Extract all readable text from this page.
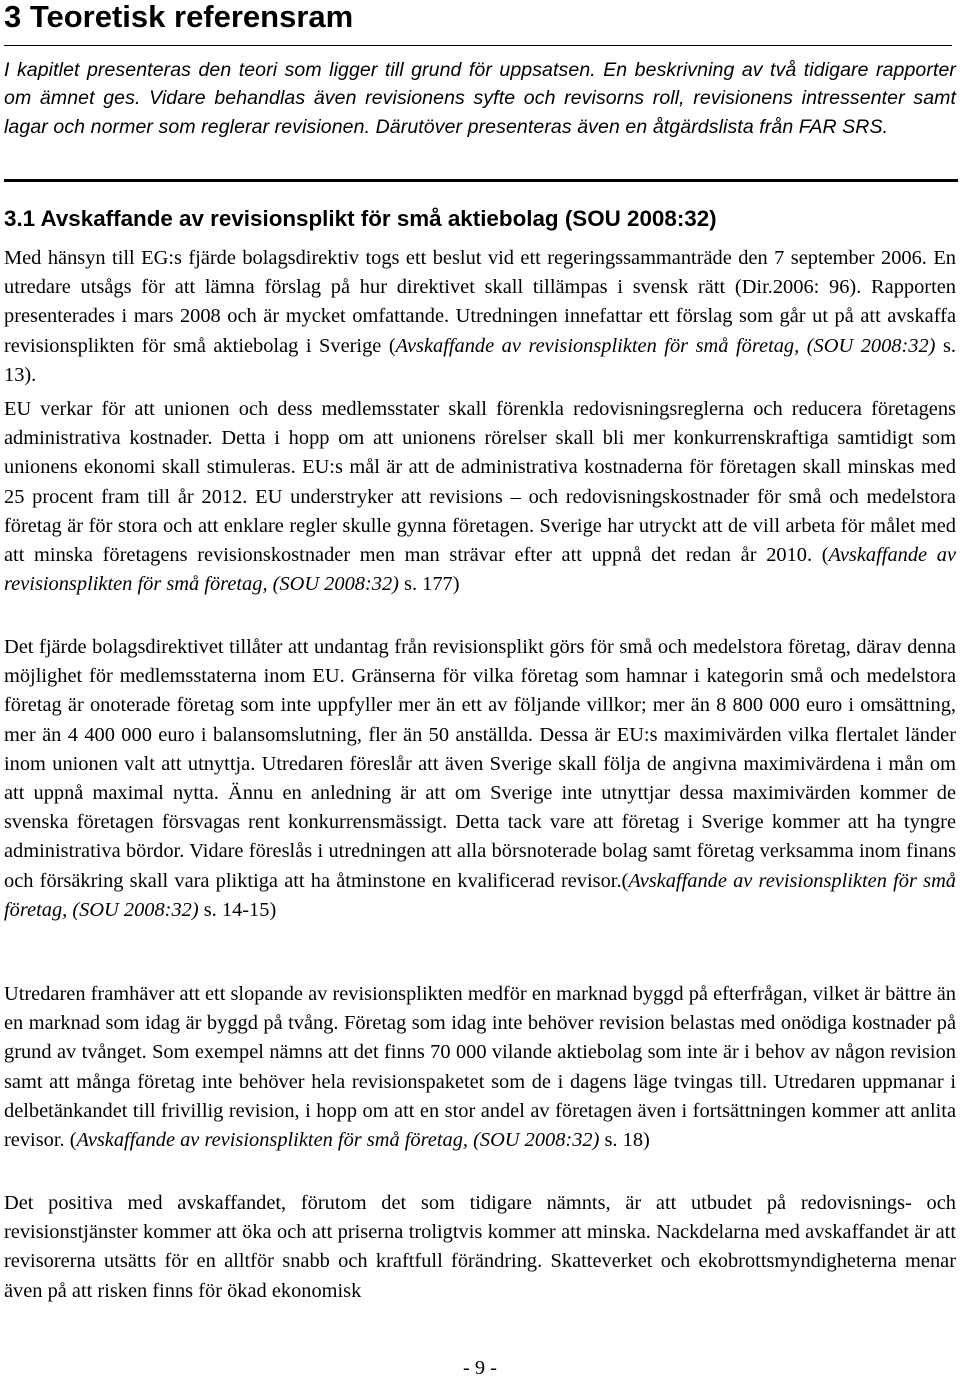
3 Teoretisk referensram

I kapitlet presenteras den teori som ligger till grund för uppsatsen. En beskrivning av två tidigare rapporter om ämnet ges. Vidare behandlas även revisionens syfte och revisorns roll, revisionens intressenter samt lagar och normer som reglerar revisionen. Därutöver presenteras även en åtgärdslista från FAR SRS.

3.1 Avskaffande av revisionsplikt för små aktiebolag (SOU 2008:32)

Med hänsyn till EG:s fjärde bolagsdirektiv togs ett beslut vid ett regeringssammanträde den 7 september 2006. En utredare utsågs för att lämna förslag på hur direktivet skall tillämpas i svensk rätt (Dir.2006: 96). Rapporten presenterades i mars 2008 och är mycket omfattande. Utredningen innefattar ett förslag som går ut på att avskaffa revisionsplikten för små aktiebolag i Sverige (Avskaffande av revisionsplikten för små företag, (SOU 2008:32) s. 13).

EU verkar för att unionen och dess medlemsstater skall förenkla redovisningsreglerna och reducera företagens administrativa kostnader. Detta i hopp om att unionens rörelser skall bli mer konkurrenskraftiga samtidigt som unionens ekonomi skall stimuleras. EU:s mål är att de administrativa kostnaderna för företagen skall minskas med 25 procent fram till år 2012. EU understryker att revisions – och redovisningskostnader för små och medelstora företag är för stora och att enklare regler skulle gynna företagen. Sverige har utryckt att de vill arbeta för målet med att minska företagens revisionskostnader men man strävar efter att uppnå det redan år 2010. (Avskaffande av revisionsplikten för små företag, (SOU 2008:32) s. 177)

Det fjärde bolagsdirektivet tillåter att undantag från revisionsplikt görs för små och medelstora företag, därav denna möjlighet för medlemsstaterna inom EU. Gränserna för vilka företag som hamnar i kategorin små och medelstora företag är onoterade företag som inte uppfyller mer än ett av följande villkor; mer än 8 800 000 euro i omsättning, mer än 4 400 000 euro i balansomslutning, fler än 50 anställda. Dessa är EU:s maximivärden vilka flertalet länder inom unionen valt att utnyttja. Utredaren föreslår att även Sverige skall följa de angivna maximivärdena i mån om att uppnå maximal nytta. Ännu en anledning är att om Sverige inte utnyttjar dessa maximivärden kommer de svenska företagen försvagas rent konkurrensmässigt. Detta tack vare att företag i Sverige kommer att ha tyngre administrativa bördor. Vidare föreslås i utredningen att alla börsnoterade bolag samt företag verksamma inom finans och försäkring skall vara pliktiga att ha åtminstone en kvalificerad revisor.(Avskaffande av revisionsplikten för små företag, (SOU 2008:32) s. 14-15)

Utredaren framhäver att ett slopande av revisionsplikten medför en marknad byggd på efterfrågan, vilket är bättre än en marknad som idag är byggd på tvång. Företag som idag inte behöver revision belastas med onödiga kostnader på grund av tvånget. Som exempel nämns att det finns 70 000 vilande aktiebolag som inte är i behov av någon revision samt att många företag inte behöver hela revisionspaketet som de i dagens läge tvingas till. Utredaren uppmanar i delbetänkandet till frivillig revision, i hopp om att en stor andel av företagen även i fortsättningen kommer att anlita revisor. (Avskaffande av revisionsplikten för små företag, (SOU 2008:32) s. 18)

Det positiva med avskaffandet, förutom det som tidigare nämnts, är att utbudet på redovisnings- och revisionstjänster kommer att öka och att priserna troligtvis kommer att minska. Nackdelarna med avskaffandet är att revisorerna utsätts för en alltför snabb och kraftfull förändring. Skatteverket och ekobrottsmyndigheterna menar även på att risken finns för ökad ekonomisk

- 9 -
